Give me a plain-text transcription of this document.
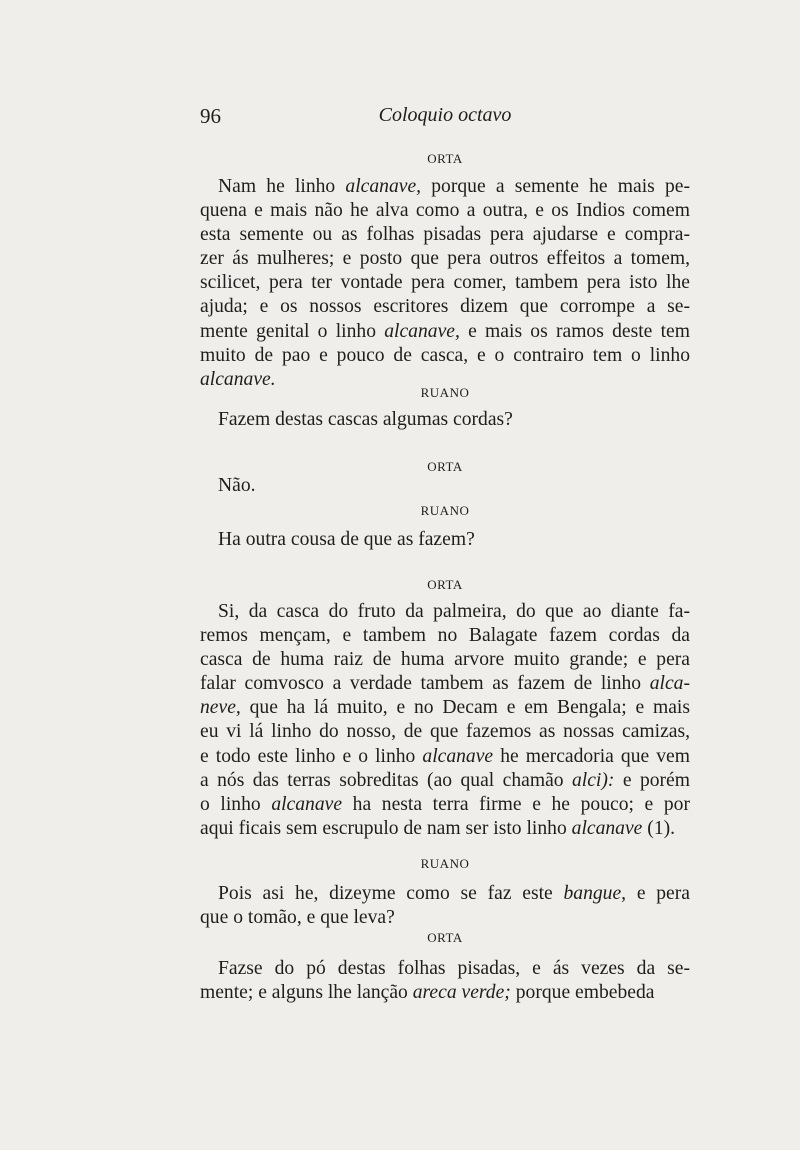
96	Coloquio octavo
ORTA
Nam he linho alcanave, porque a semente he mais pe-
quena e mais não he alva como a outra, e os Indios comem
esta semente ou as folhas pisadas pera ajudarse e compra-
zer ás mulheres; e posto que pera outros effeitos a tomem,
scilicet, pera ter vontade pera comer, tambem pera isto lhe
ajuda; e os nossos escritores dizem que corrompe a se-
mente genital o linho alcanave, e mais os ramos deste tem
muito de pao e pouco de casca, e o contrairo tem o linho
alcanave.
RUANO
Fazem destas cascas algumas cordas?
ORTA
Não.
RUANO
Ha outra cousa de que as fazem?
ORTA
Si, da casca do fruto da palmeira, do que ao diante fa-
remos mençam, e tambem no Balagate fazem cordas da
casca de huma raiz de huma arvore muito grande; e pera
falar comvosco a verdade tambem as fazem de linho alca-
neve, que ha lá muito, e no Decam e em Bengala; e mais
eu vi lá linho do nosso, de que fazemos as nossas camizas,
e todo este linho e o linho alcanave he mercadoria que vem
a nós das terras sobreditas (ao qual chamão alci): e porém
o linho alcanave ha nesta terra firme e he pouco; e por
aqui ficais sem escrupulo de nam ser isto linho alcanave (1).
RUANO
Pois asi he, dizeyme como se faz este bangue, e pera
que o tomão, e que leva?
ORTA
Fazse do pó destas folhas pisadas, e ás vezes da se-
mente; e alguns lhe lanção areca verde; porque embebeda
